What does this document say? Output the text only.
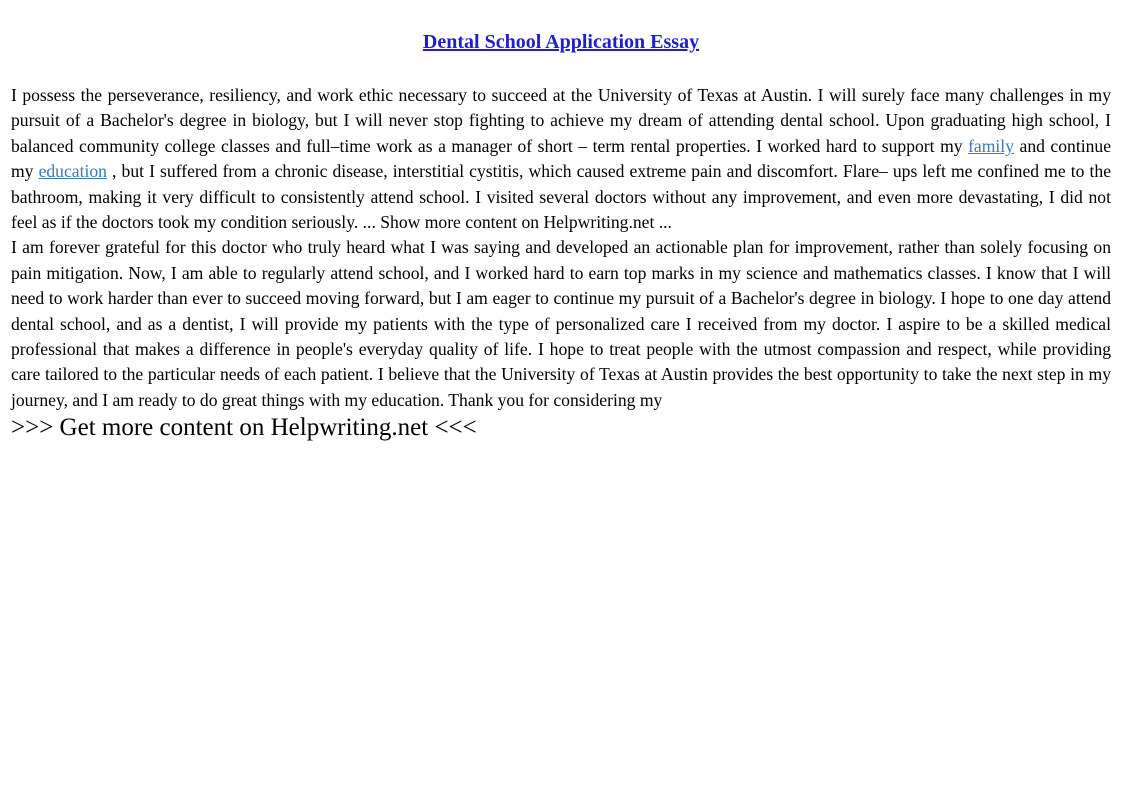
Dental School Application Essay
I possess the perseverance, resiliency, and work ethic necessary to succeed at the University of Texas at Austin. I will surely face many challenges in my pursuit of a Bachelor's degree in biology, but I will never stop fighting to achieve my dream of attending dental school. Upon graduating high school, I balanced community college classes and full–time work as a manager of short – term rental properties. I worked hard to support my family and continue my education , but I suffered from a chronic disease, interstitial cystitis, which caused extreme pain and discomfort. Flare– ups left me confined me to the bathroom, making it very difficult to consistently attend school. I visited several doctors without any improvement, and even more devastating, I did not feel as if the doctors took my condition seriously. ... Show more content on Helpwriting.net ...
I am forever grateful for this doctor who truly heard what I was saying and developed an actionable plan for improvement, rather than solely focusing on pain mitigation. Now, I am able to regularly attend school, and I worked hard to earn top marks in my science and mathematics classes. I know that I will need to work harder than ever to succeed moving forward, but I am eager to continue my pursuit of a Bachelor's degree in biology. I hope to one day attend dental school, and as a dentist, I will provide my patients with the type of personalized care I received from my doctor. I aspire to be a skilled medical professional that makes a difference in people's everyday quality of life. I hope to treat people with the utmost compassion and respect, while providing care tailored to the particular needs of each patient. I believe that the University of Texas at Austin provides the best opportunity to take the next step in my journey, and I am ready to do great things with my education. Thank you for considering my
>>> Get more content on Helpwriting.net <<<
